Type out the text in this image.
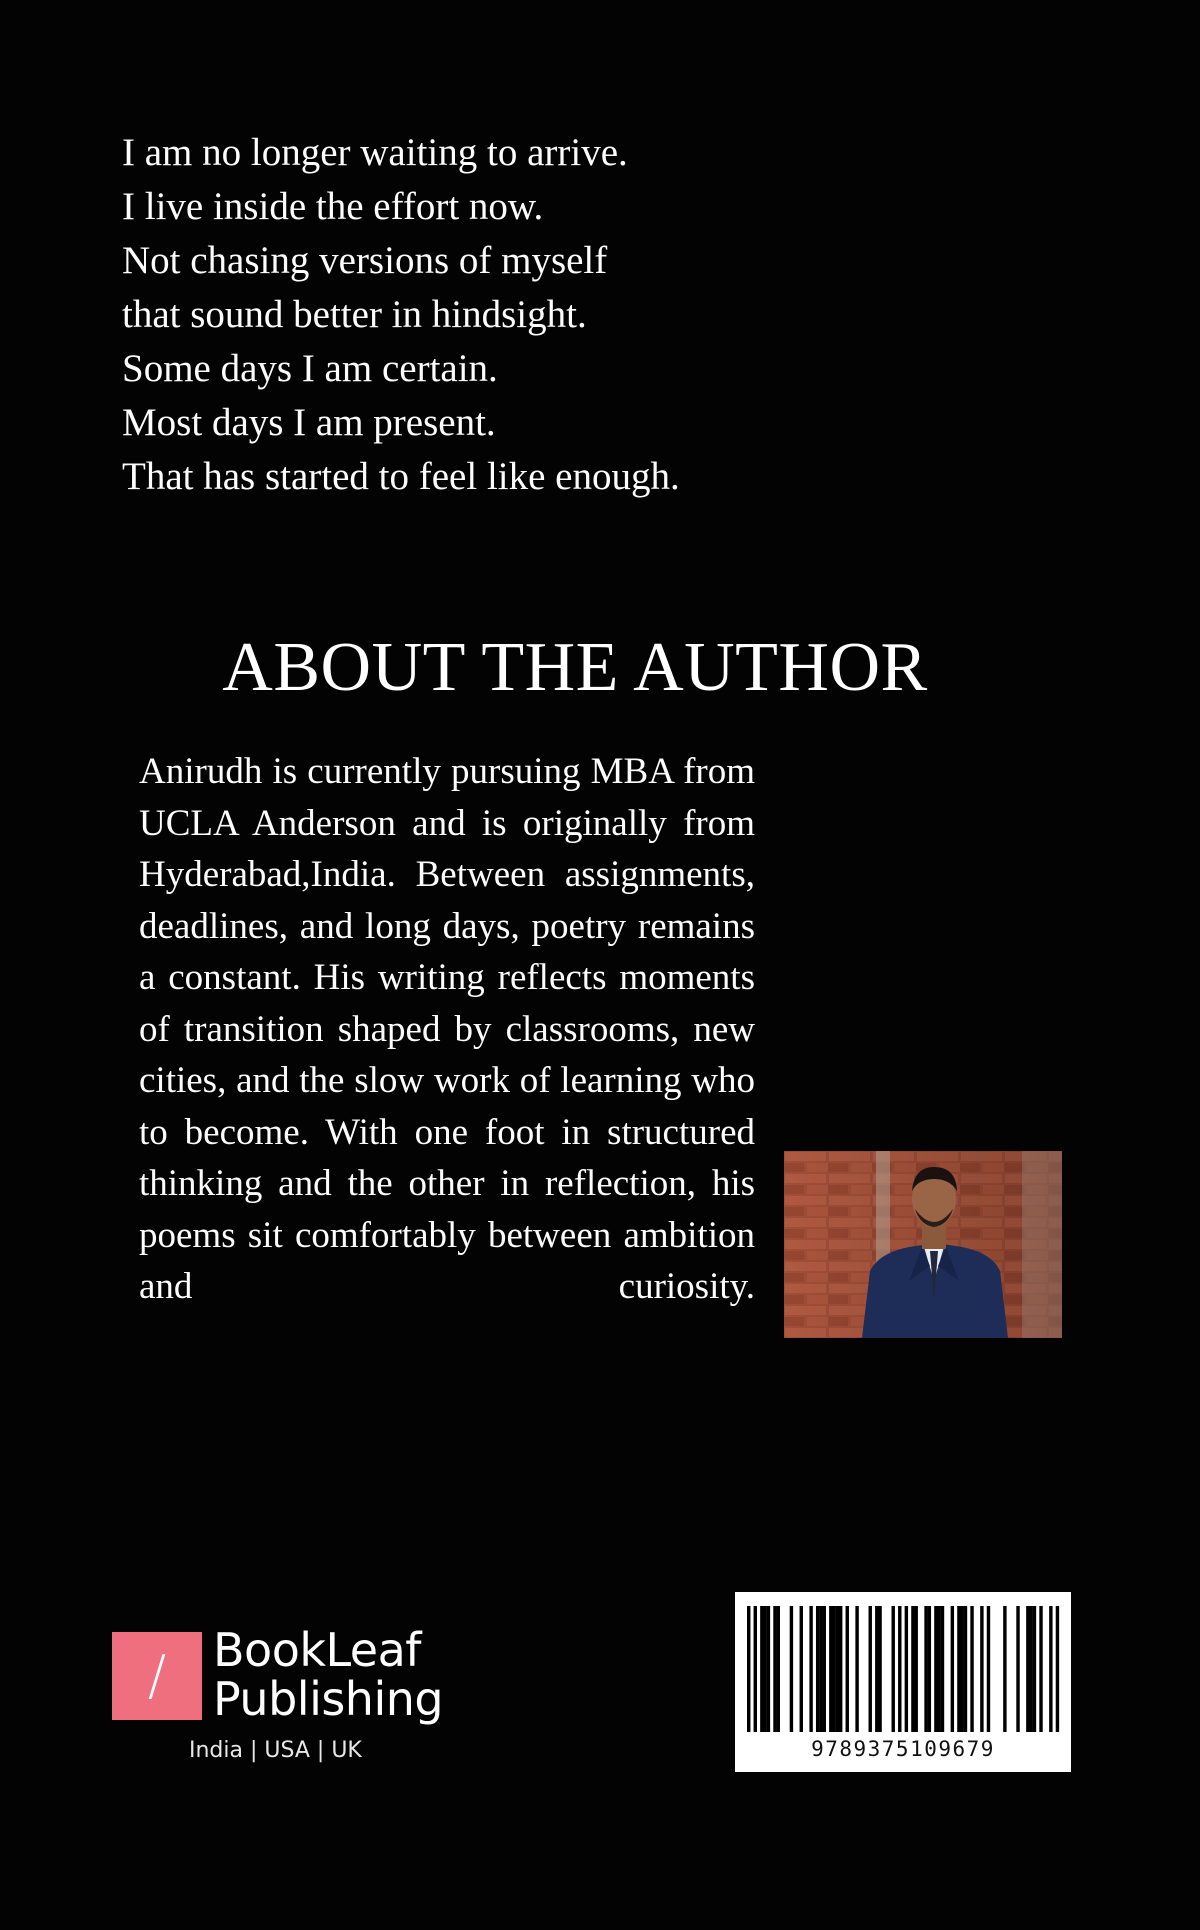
I am no longer waiting to arrive.
I live inside the effort now.
Not chasing versions of myself
that sound better in hindsight.
Some days I am certain.
Most days I am present.
That has started to feel like enough.
ABOUT THE AUTHOR

Anirudh is currently pursuing MBA from UCLA Anderson and is originally from Hyderabad,India. Between assignments, deadlines, and long days, poetry remains a constant. His writing reflects moments of transition shaped by classrooms, new cities, and the slow work of learning who to become. With one foot in structured thinking and the other in reflection, his poems sit comfortably between ambition and curiosity.

/	BookLeaf
Publishing
India | USA | UK	9789375109679
